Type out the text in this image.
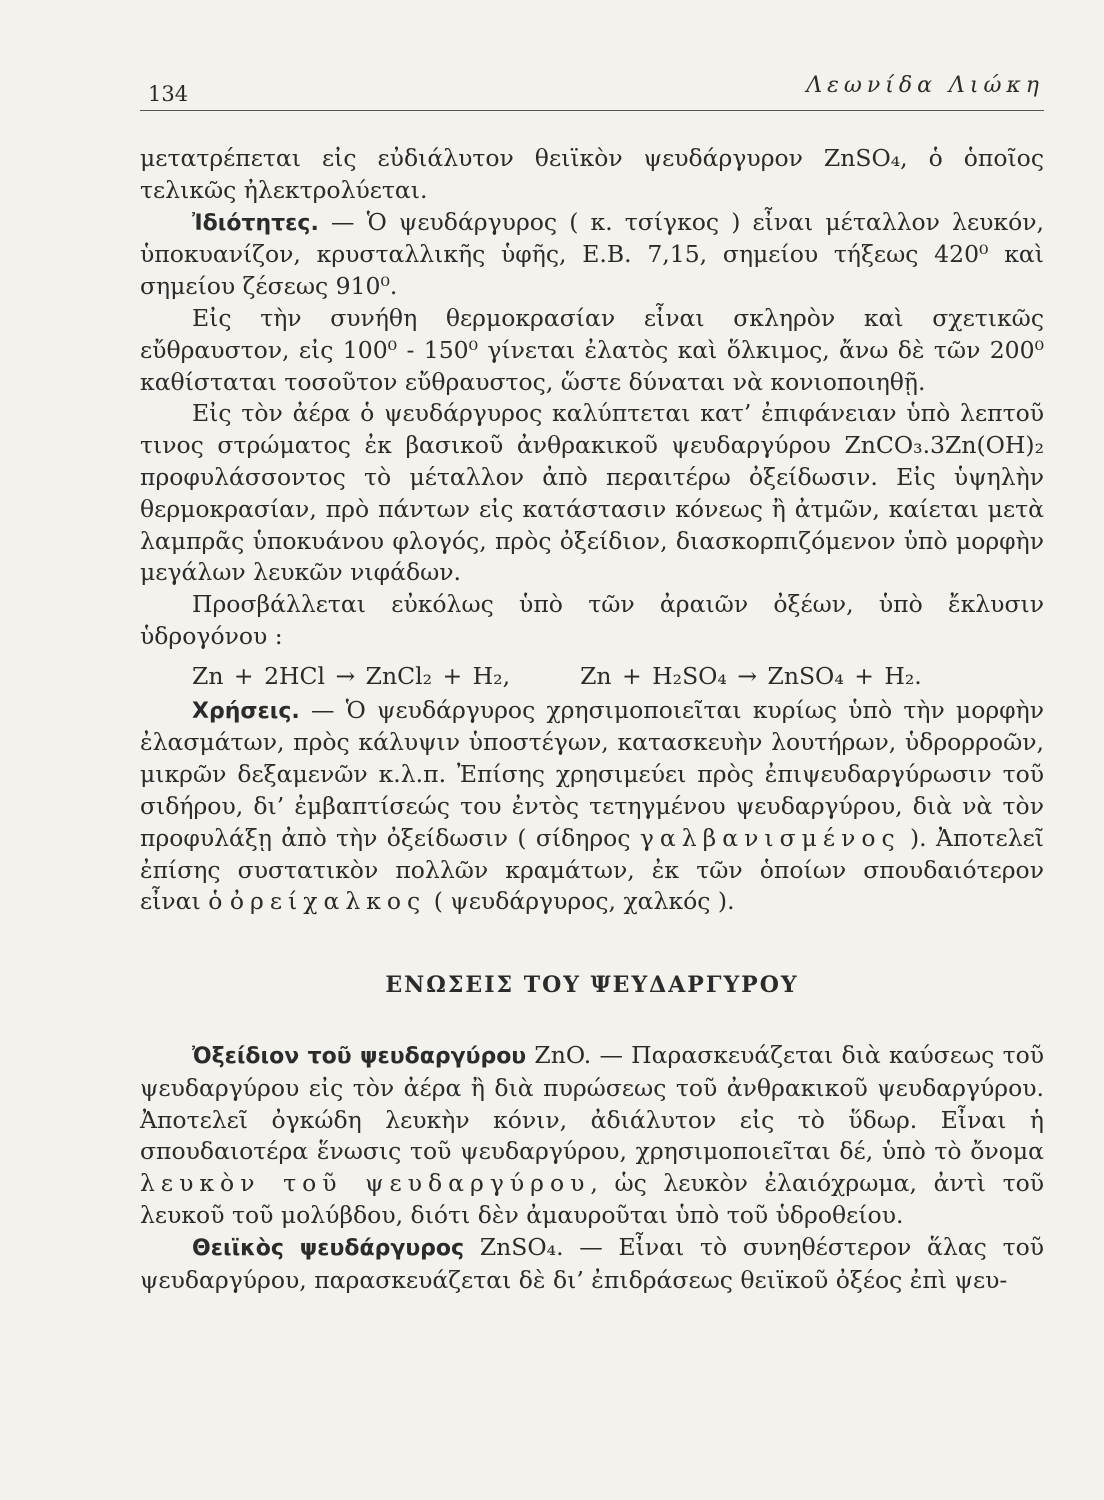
134	Λεωνίδα Λιώκη

μετατρέπεται εἰς εὐδιάλυτον θειϊκὸν ψευδάργυρον ZnSO₄, ὁ ὁποῖος τελικῶς ἠλεκτρολύεται.

Ἰδιότητες. — Ὁ ψευδάργυρος ( κ. τσίγκος ) εἶναι μέταλλον λευκόν, ὑποκυανίζον, κρυσταλλικῆς ὑφῆς, Ε.Β. 7,15, σημείου τήξεως 420⁰ καὶ σημείου ζέσεως 910⁰.

Εἰς τὴν συνήθη θερμοκρασίαν εἶναι σκληρὸν καὶ σχετικῶς εὔθραυστον, εἰς 100⁰ - 150⁰ γίνεται ἐλατὸς καὶ ὅλκιμος, ἄνω δὲ τῶν 200⁰ καθίσταται τοσοῦτον εὔθραυστος, ὥστε δύναται νὰ κονιοποιηθῇ.

Εἰς τὸν ἀέρα ὁ ψευδάργυρος καλύπτεται κατ’ ἐπιφάνειαν ὑπὸ λεπτοῦ τινος στρώματος ἐκ βασικοῦ ἀνθρακικοῦ ψευδαργύρου ZnCO₃.3Zn(OH)₂ προφυλάσσοντος τὸ μέταλλον ἀπὸ περαιτέρω ὀξείδωσιν. Εἰς ὑψηλὴν θερμοκρασίαν, πρὸ πάντων εἰς κατάστασιν κόνεως ἢ ἀτμῶν, καίεται μετὰ λαμπρᾶς ὑποκυάνου φλογός, πρὸς ὀξείδιον, διασκορπιζόμενον ὑπὸ μορφὴν μεγάλων λευκῶν νιφάδων.

Προσβάλλεται εὐκόλως ὑπὸ τῶν ἀραιῶν ὀξέων, ὑπὸ ἔκλυσιν ὑδρογόνου :

Zn + 2HCl → ZnCl₂ + H₂,	Zn + H₂SO₄ → ZnSO₄ + H₂.

Χρήσεις. — Ὁ ψευδάργυρος χρησιμοποιεῖται κυρίως ὑπὸ τὴν μορφὴν ἐλασμάτων, πρὸς κάλυψιν ὑποστέγων, κατασκευὴν λουτήρων, ὑδρορροῶν, μικρῶν δεξαμενῶν κ.λ.π. Ἐπίσης χρησιμεύει πρὸς ἐπιψευδαργύρωσιν τοῦ σιδήρου, δι’ ἐμβαπτίσεώς του ἐντὸς τετηγμένου ψευδαργύρου, διὰ νὰ τὸν προφυλάξῃ ἀπὸ τὴν ὀξείδωσιν ( σίδηρος γαλβανισμένος ). Ἀποτελεῖ ἐπίσης συστατικὸν πολλῶν κραμάτων, ἐκ τῶν ὁποίων σπουδαιότερον εἶναι ὁ ὀρείχαλκος ( ψευδάργυρος, χαλκός ).

ΕΝΩΣΕΙΣ ΤΟΥ ΨΕΥΔΑΡΓΥΡΟΥ

Ὀξείδιον τοῦ ψευδαργύρου ZnO. — Παρασκευάζεται διὰ καύσεως τοῦ ψευδαργύρου εἰς τὸν ἀέρα ἢ διὰ πυρώσεως τοῦ ἀνθρακικοῦ ψευδαργύρου. Ἀποτελεῖ ὀγκώδη λευκὴν κόνιν, ἀδιάλυτον εἰς τὸ ὕδωρ. Εἶναι ἡ σπουδαιοτέρα ἕνωσις τοῦ ψευδαργύρου, χρησιμοποιεῖται δέ, ὑπὸ τὸ ὄνομα λευκὸν τοῦ ψευδαργύρου, ὡς λευκὸν ἐλαιόχρωμα, ἀντὶ τοῦ λευκοῦ τοῦ μολύβδου, διότι δὲν ἀμαυροῦται ὑπὸ τοῦ ὑδροθείου.

Θειϊκὸς ψευδάργυρος ZnSO₄. — Εἶναι τὸ συνηθέστερον ἅλας τοῦ ψευδαργύρου, παρασκευάζεται δὲ δι’ ἐπιδράσεως θειϊκοῦ ὀξέος ἐπὶ ψευ-
